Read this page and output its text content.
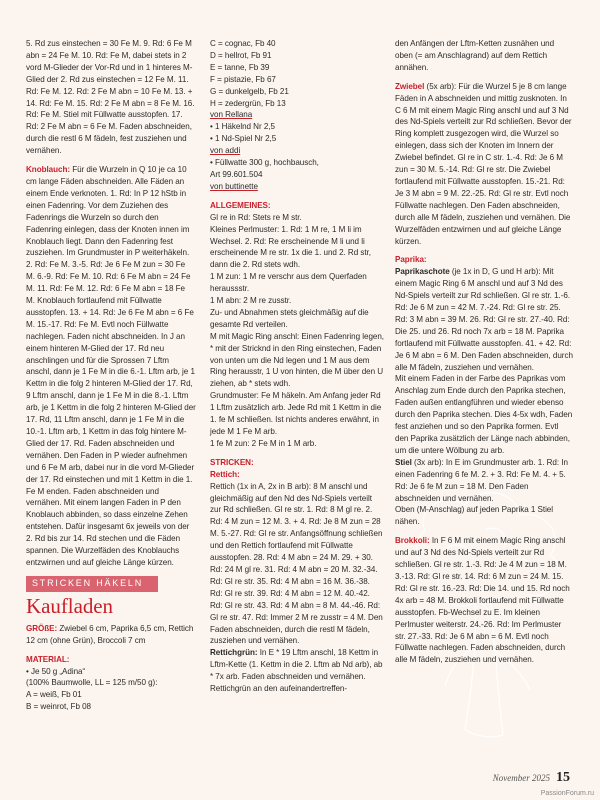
5. Rd zus einstechen = 30 Fe M. 9. Rd: 6 Fe M abn = 24 Fe M. 10. Rd: Fe M, dabei stets in 2 vord M-Glieder der Vor-Rd und in 1 hinteres M-Glied der 2. Rd zus einstechen = 12 Fe M. 11. Rd: Fe M. 12. Rd: 2 Fe M abn = 10 Fe M. 13. + 14. Rd: Fe M. 15. Rd: 2 Fe M abn = 8 Fe M. 16. Rd: Fe M. Stiel mit Füllwatte ausstopfen. 17. Rd: 2 Fe M abn = 6 Fe M. Faden abschneiden, durch die restl 6 M fädeln, fest zusziehen und vernähen.

Knoblauch: Für die Wurzeln in Q 10 je ca 10 cm lange Fäden abschneiden. Alle Fäden an einem Ende verknoten. 1. Rd: In P 12 hStb in einen Fadenring. Vor dem Zuziehen des Fadenrings die Wurzeln so durch den Fadenring einlegen, dass der Knoten innen im Knoblauch liegt. Dann den Fadenring fest zusziehen. Im Grundmuster in P weiterhäkeln. 2. Rd: Fe M. 3.-5. Rd: Je 6 Fe M zun = 30 Fe M. 6.-9. Rd: Fe M. 10. Rd: 6 Fe M abn = 24 Fe M. 11. Rd: Fe M. 12. Rd: 6 Fe M abn = 18 Fe M. Knoblauch fortlaufend mit Füllwatte ausstopfen. 13. + 14. Rd: Je 6 Fe M abn = 6 Fe M. 15.-17. Rd: Fe M. Evtl noch Füllwatte nachlegen. Faden nicht abschneiden. In J an einem hinteren M-Glied der 17. Rd neu anschlingen und für die Sprossen 7 Lftm anschl, dann je 1 Fe M in die 6.-1. Lftm arb, je 1 Kettm in die folg 2 hinteren M-Glied der 17. Rd, 9 Lftm anschl, dann je 1 Fe M in die 8.-1. Lftm arb, je 1 Kettm in die folg 2 hinteren M-Glied der 17. Rd, 11 Lftm anschl, dann je 1 Fe M in die 10.-1. Lftm arb, 1 Kettm in das folg hintere M-Glied der 17. Rd. Faden abschneiden und vernähen. Den Faden in P wieder aufnehmen und 6 Fe M arb, dabei nur in die vord M-Glieder der 17. Rd einstechen und mit 1 Kettm in die 1. Fe M enden. Faden abschneiden und vernähen. Mit einem langen Faden in P den Knoblauch abbinden, so dass einzelne Zehen entstehen. Dafür insgesamt 6x jeweils von der 2. Rd bis zur 14. Rd stechen und die Fäden spannen. Die Wurzelfäden des Knoblauchs entzwirnen und auf gleiche Länge kürzen.

STRICKEN HÄKELN
Kaufladen

GRÖßE: Zwiebel 6 cm, Paprika 6,5 cm, Rettich 12 cm (ohne Grün), Broccoli 7 cm

MATERIAL:
• Je 50 g „Adina“
(100% Baumwolle, LL = 125 m/50 g):
A = weiß, Fb 01
B = weinrot, Fb 08
C = cognac, Fb 40
D = hellrot, Fb 91
E = tanne, Fb 39
F = pistazie, Fb 67
G = dunkelgelb, Fb 21
H = zedergrün, Fb 13
von Rellana
• 1 Häkelnd Nr 2,5
• 1 Nd-Spiel Nr 2,5
von addi
• Füllwatte 300 g, hochbausch,
Art 99.601.504
von buttinette
ALLGEMEINES:

Gl re in Rd: Stets re M str.

Kleines Perlmuster: 1. Rd: 1 M re, 1 M li im Wechsel. 2. Rd: Re erscheinende M li und li erscheinende M re str. 1x die 1. und 2. Rd str, dann die 2. Rd stets wdh.

1 M zun: 1 M re verschr aus dem Querfaden heraussstr.

1 M abn: 2 M re zusstr.

Zu- und Abnahmen stets gleichmäßig auf die gesamte Rd verteilen.

M mit Magic Ring anschl: Einen Fadenring legen, * mit der Stricknd in den Ring einstechen, Faden von unten um die Nd legen und 1 M aus dem Ring herausstr, 1 U von hinten, die M über den U ziehen, ab * stets wdh.

Grundmuster: Fe M häkeln. Am Anfang jeder Rd 1 Lftm zusätzlich arb. Jede Rd mit 1 Kettm in die 1. fe M schließen. Ist nichts anderes erwähnt, in jede M 1 Fe M arb.

1 fe M zun: 2 Fe M in 1 M arb.

STRICKEN:
Rettich:

Rettich (1x in A, 2x in B arb): 8 M anschl und gleichmäßig auf den Nd des Nd-Spiels verteilt zur Rd schließen. Gl re str. 1. Rd: 8 M gl re. 2. Rd: 4 M zun = 12 M. 3. + 4. Rd: Je 8 M zun = 28 M. 5.-27. Rd: Gl re str. Anfangsöffnung schließen und den Rettich fortlaufend mit Füllwatte ausstopfen. 28. Rd: 4 M abn = 24 M. 29. + 30. Rd: 24 M gl re. 31. Rd: 4 M abn = 20 M. 32.-34. Rd: Gl re str. 35. Rd: 4 M abn = 16 M. 36.-38. Rd: Gl re str. 39. Rd: 4 M abn = 12 M. 40.-42. Rd: Gl re str. 43. Rd: 4 M abn = 8 M. 44.-46. Rd: Gl re str. 47. Rd: Immer 2 M re zusstr = 4 M. Den Faden abschneiden, durch die restl M fädeln, zusziehen und vernähen.

Rettichgrün: In E * 19 Lftm anschl, 18 Kettm in Lftm-Kette (1. Kettm in die 2. Lftm ab Nd arb), ab * 7x arb. Faden abschneiden und vernähen. Rettichgrün an den aufeinandertreffen-

den Anfängen der Lftm-Ketten zusnähen und oben (= am Anschlagrand) auf dem Rettich annähen.

Zwiebel (5x arb): Für die Wurzel 5 je 8 cm lange Fäden in A abschneiden und mittig zusknoten. In C 6 M mit einem Magic Ring anschl und auf 3 Nd des Nd-Spiels verteilt zur Rd schließen. Bevor der Ring komplett zusgezogen wird, die Wurzel so einlegen, dass sich der Knoten im Innern der Zwiebel befindet. Gl re in C str. 1.-4. Rd: Je 6 M zun = 30 M. 5.-14. Rd: Gl re str. Die Zwiebel fortlaufend mit Füllwatte ausstopfen. 15.-21. Rd: Je 3 M abn = 9 M. 22.-25. Rd: Gl re str. Evtl noch Füllwatte nachlegen. Den Faden abschneiden, durch alle M fädeln, zusziehen und vernähen. Die Wurzelfäden entzwirnen und auf gleiche Länge kürzen.

Paprika:

Paprikaschote (je 1x in D, G und H arb): Mit einem Magic Ring 6 M anschl und auf 3 Nd des Nd-Spiels verteilt zur Rd schließen. Gl re str. 1.-6. Rd: Je 6 M zun = 42 M. 7.-24. Rd: Gl re str. 25. Rd: 3 M abn = 39 M. 26. Rd: Gl re str. 27.-40. Rd: Die 25. und 26. Rd noch 7x arb = 18 M. Paprika fortlaufend mit Füllwatte ausstopfen. 41. + 42. Rd: Je 6 M abn = 6 M. Den Faden abschneiden, durch alle M fädeln, zusziehen und vernähen.

Mit einem Faden in der Farbe des Paprikas vom Anschlag zum Ende durch den Paprika stechen, Faden außen entlangführen und wieder ebenso durch den Paprika stechen. Dies 4-5x wdh, Faden fest anziehen und so den Paprika formen. Evtl den Paprika zusätzlich der Länge nach abbinden, um die untere Wölbung zu arb.

Stiel (3x arb): In E im Grundmuster arb. 1. Rd: In einen Fadenring 6 fe M. 2. + 3. Rd: Fe M. 4. + 5. Rd: Je 6 fe M zun = 18 M. Den Faden abschneiden und vernähen.

Oben (M-Anschlag) auf jeden Paprika 1 Stiel nähen.

Brokkoli: In F 6 M mit einem Magic Ring anschl und auf 3 Nd des Nd-Spiels verteilt zur Rd schließen. Gl re str. 1.-3. Rd: Je 4 M zun = 18 M. 3.-13. Rd: Gl re str. 14. Rd: 6 M zun = 24 M. 15. Rd: Gl re str. 16.-23. Rd: Die 14. und 15. Rd noch 4x arb = 48 M. Brokkoli fortlaufend mit Füllwatte ausstopfen. Fb-Wechsel zu E. Im kleinen Perlmuster weiterstr. 24.-26. Rd: Im Perlmuster str. 27.-33. Rd: Je 6 M abn = 6 M. Evtl noch Füllwatte nachlegen. Faden abschneiden, durch alle M fädeln, zusziehen und vernähen.

November 2025 15
PassionForum.ru
